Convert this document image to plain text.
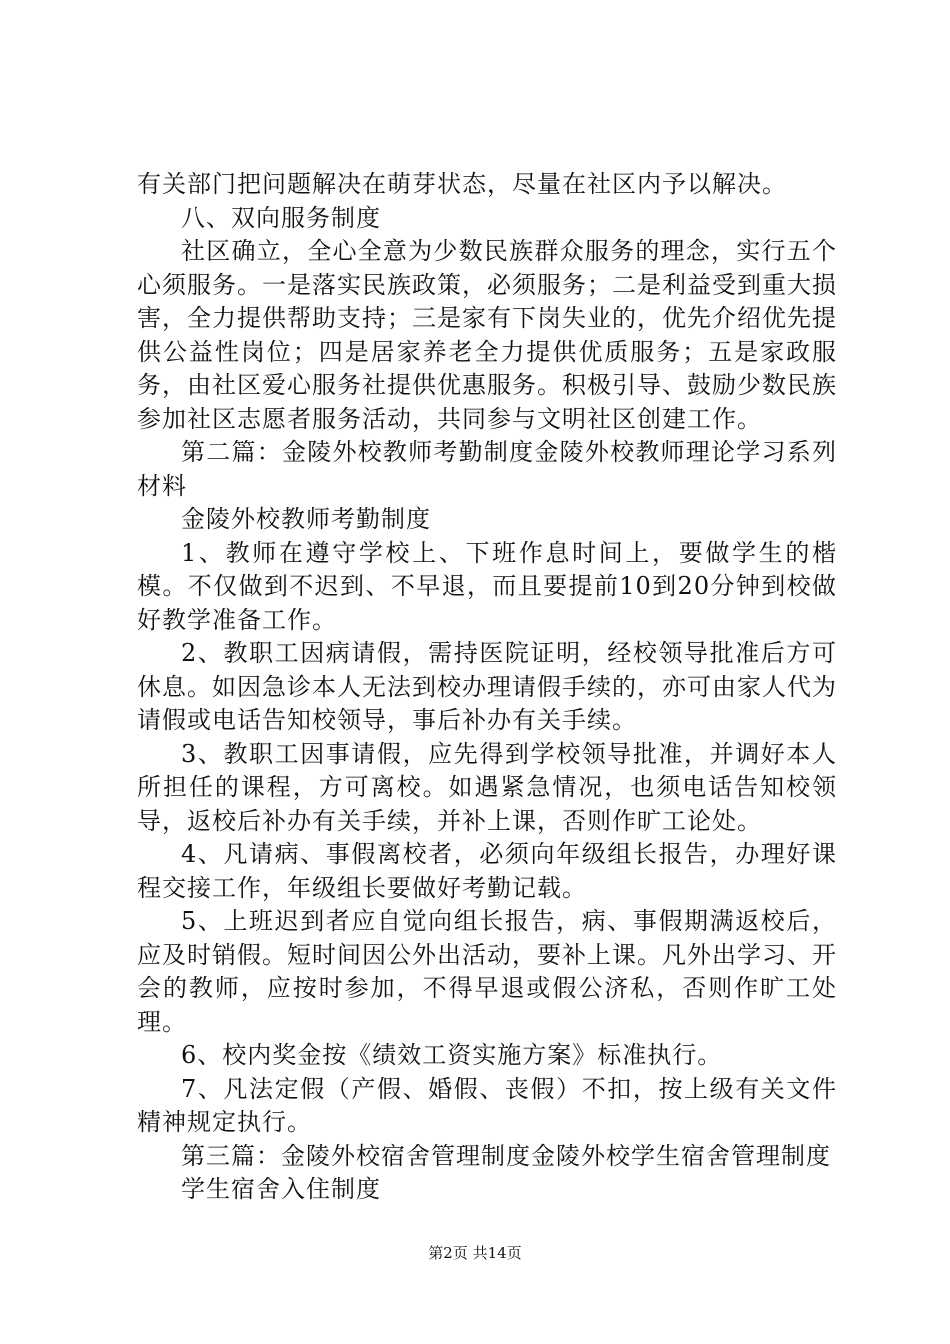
有关部门把问题解决在萌芽状态，尽量在社区内予以解决。

八、双向服务制度

社区确立，全心全意为少数民族群众服务的理念，实行五个心须服务。一是落实民族政策，必须服务；二是利益受到重大损害，全力提供帮助支持；三是家有下岗失业的，优先介绍优先提供公益性岗位；四是居家养老全力提供优质服务；五是家政服务，由社区爱心服务社提供优惠服务。积极引导、鼓励少数民族参加社区志愿者服务活动，共同参与文明社区创建工作。

第二篇：金陵外校教师考勤制度金陵外校教师理论学习系列材料

金陵外校教师考勤制度

1、教师在遵守学校上、下班作息时间上，要做学生的楷模。不仅做到不迟到、不早退，而且要提前10到20分钟到校做好教学准备工作。

2、教职工因病请假，需持医院证明，经校领导批准后方可休息。如因急诊本人无法到校办理请假手续的，亦可由家人代为请假或电话告知校领导，事后补办有关手续。

3、教职工因事请假，应先得到学校领导批准，并调好本人所担任的课程，方可离校。如遇紧急情况，也须电话告知校领导，返校后补办有关手续，并补上课，否则作旷工论处。

4、凡请病、事假离校者，必须向年级组长报告，办理好课程交接工作，年级组长要做好考勤记载。

5、上班迟到者应自觉向组长报告，病、事假期满返校后，应及时销假。短时间因公外出活动，要补上课。凡外出学习、开会的教师，应按时参加，不得早退或假公济私，否则作旷工处理。

6、校内奖金按《绩效工资实施方案》标准执行。

7、凡法定假（产假、婚假、丧假）不扣，按上级有关文件精神规定执行。

第三篇：金陵外校宿舍管理制度金陵外校学生宿舍管理制度

学生宿舍入住制度

第2页 共14页
